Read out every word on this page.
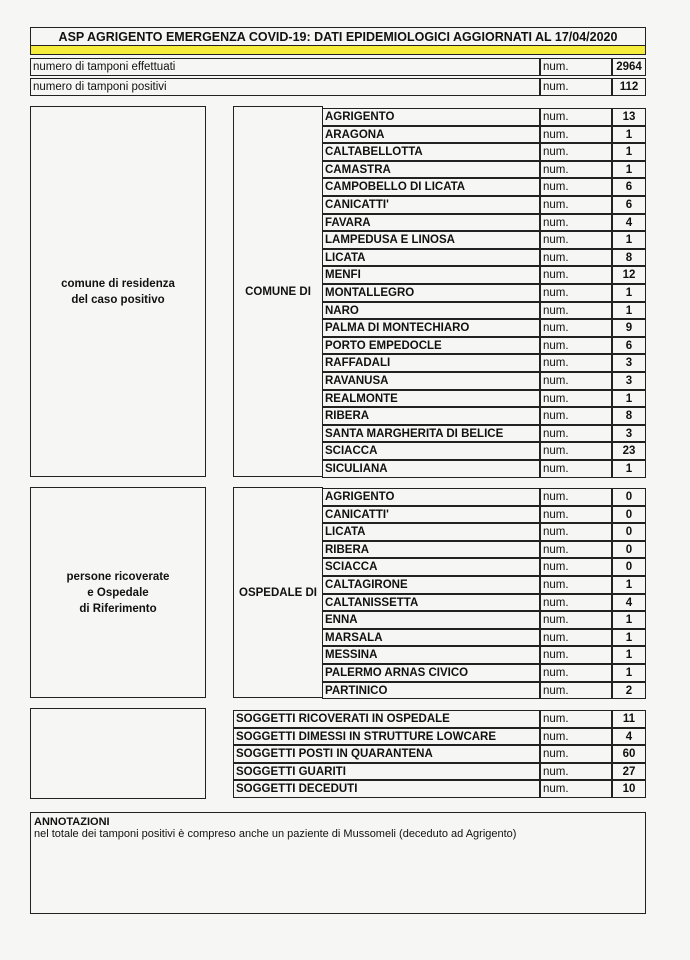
ASP AGRIGENTO EMERGENZA COVID-19: DATI EPIDEMIOLOGICI AGGIORNATI AL 17/04/2020
numero di tamponi effettuati	num.	2964
numero di tamponi positivi	num.	112
comune di residenza
del caso positivo
COMUNE DI
AGRIGENTO	num.	13
ARAGONA	num.	1
CALTABELLOTTA	num.	1
CAMASTRA	num.	1
CAMPOBELLO DI LICATA	num.	6
CANICATTI'	num.	6
FAVARA	num.	4
LAMPEDUSA E LINOSA	num.	1
LICATA	num.	8
MENFI	num.	12
MONTALLEGRO	num.	1
NARO	num.	1
PALMA DI MONTECHIARO	num.	9
PORTO EMPEDOCLE	num.	6
RAFFADALI	num.	3
RAVANUSA	num.	3
REALMONTE	num.	1
RIBERA	num.	8
SANTA MARGHERITA DI BELICE	num.	3
SCIACCA	num.	23
SICULIANA	num.	1
persone ricoverate
e Ospedale
di Riferimento
OSPEDALE DI
AGRIGENTO	num.	0
CANICATTI'	num.	0
LICATA	num.	0
RIBERA	num.	0
SCIACCA	num.	0
CALTAGIRONE	num.	1
CALTANISSETTA	num.	4
ENNA	num.	1
MARSALA	num.	1
MESSINA	num.	1
PALERMO ARNAS CIVICO	num.	1
PARTINICO	num.	2
SOGGETTI RICOVERATI IN OSPEDALE	num.	11
SOGGETTI DIMESSI IN STRUTTURE LOWCARE	num.	4
SOGGETTI POSTI IN QUARANTENA	num.	60
SOGGETTI GUARITI	num.	27
SOGGETTI DECEDUTI	num.	10
ANNOTAZIONI
nel totale dei tamponi positivi è compreso anche un paziente di Mussomeli (deceduto ad Agrigento)
